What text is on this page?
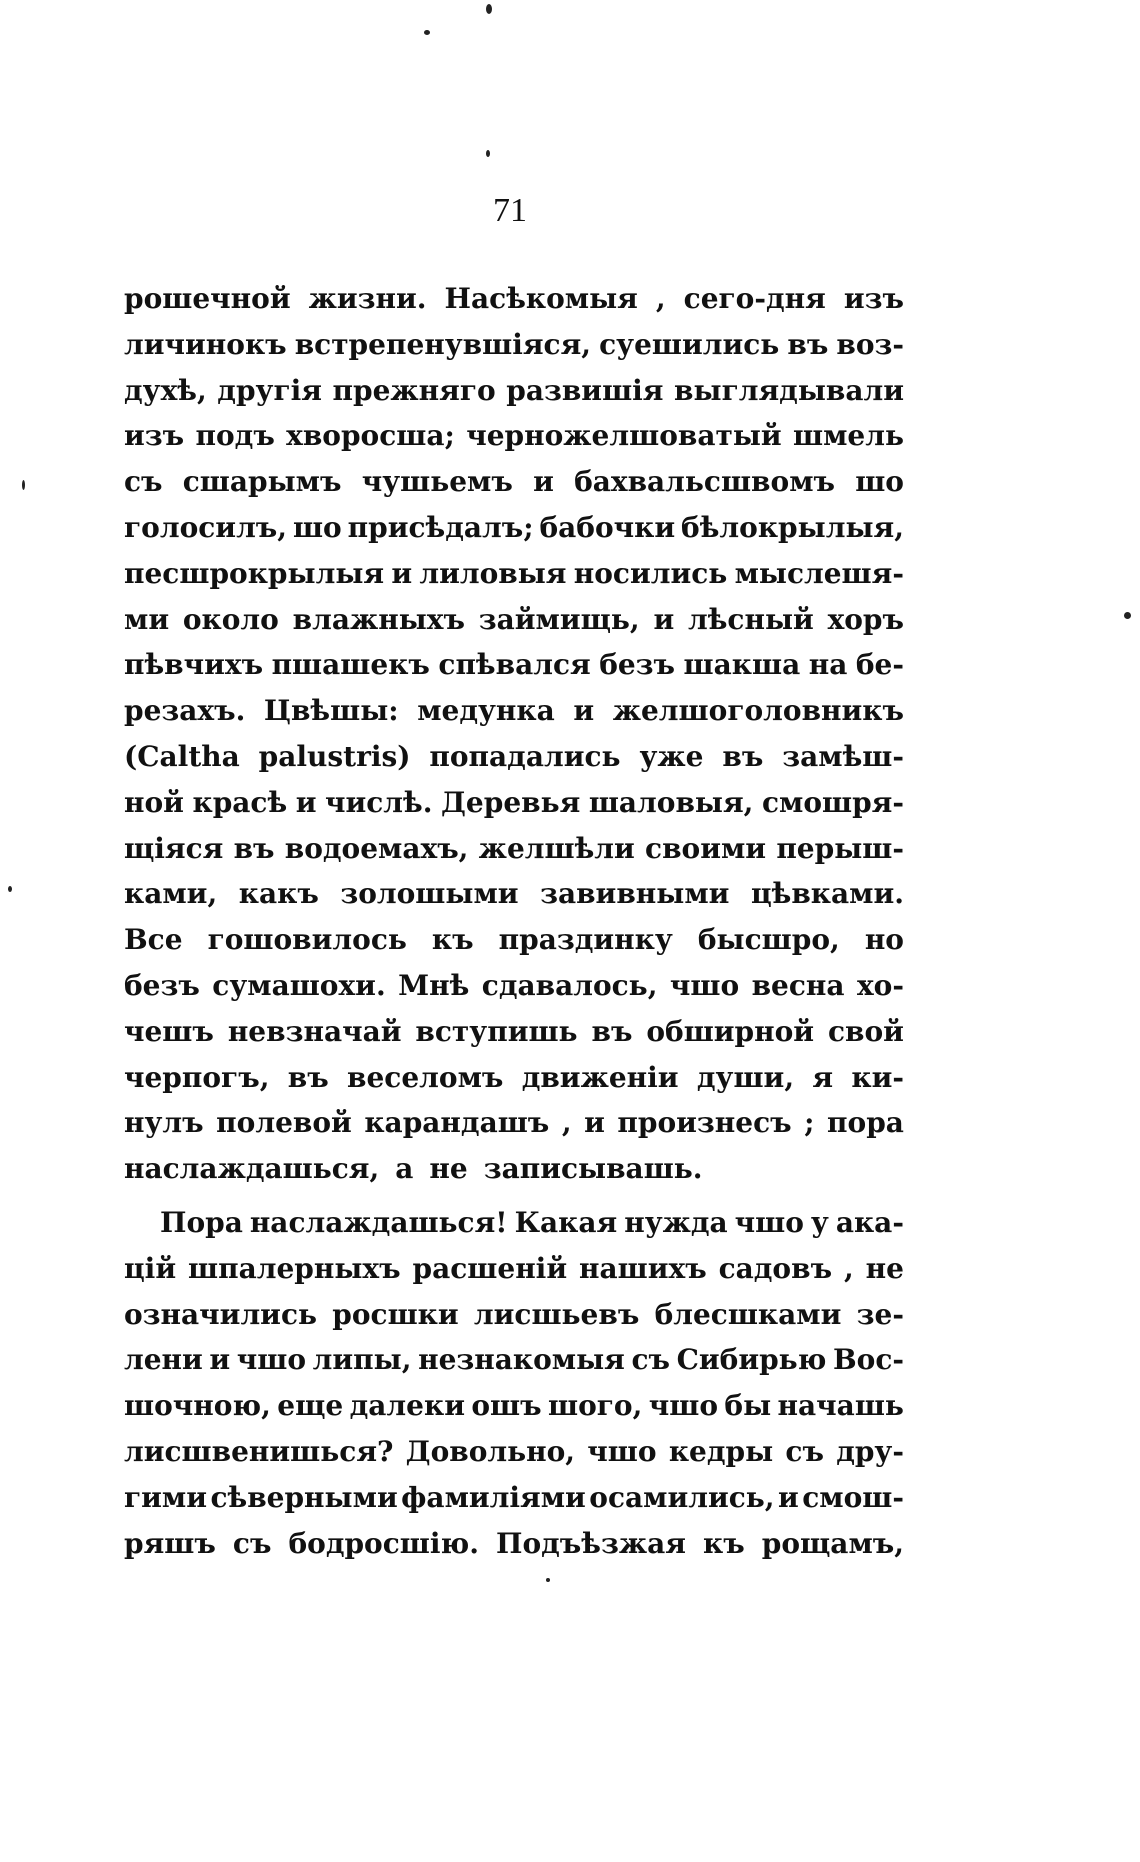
71
рошечной жизни. Насѣкомыя , сего-дня изъ
личинокъ встрепенувшіяся, суешились въ воз-
духѣ, другія прежняго развишія выглядывали
изъ подъ хворосша; черножелшоватый шмель
съ сшарымъ чушьемъ и бахвальсшвомъ шо
голосилъ, шо присѣдалъ; бабочки бѣлокрылыя,
песшрокрылыя и лиловыя носились мыслешя-
ми около влажныхъ займищь, и лѣсный хоръ
пѣвчихъ пшашекъ спѣвался безъ шакша на бе-
резахъ. Цвѣшы: медунка и желшоголовникъ
(Caltha palustris) попадались уже въ замѣш-
ной красѣ и числѣ. Деревья шаловыя, смошря-
щіяся въ водоемахъ, желшѣли своими перыш-
ками, какъ золошыми завивными цѣвками.
Все гошовилось къ праздинку бысшро, но
безъ сумашохи. Мнѣ сдавалось, чшо весна хо-
чешъ невзначай вступишь въ обширной свой
черпогъ, въ веселомъ движеніи души, я ки-
нулъ полевой карандашъ , и произнесъ ; пора
наслаждашься, а не записывашь.
Пора наслаждашься! Какая нужда чшо у ака-
цій шпалерныхъ расшеній нашихъ садовъ , не
означились росшки лисшьевъ блесшками зе-
лени и чшо липы, незнакомыя съ Сибирью Вос-
шочною, еще далеки ошъ шого, чшо бы начашь
лисшвенишься? Довольно, чшо кедры съ дру-
гими сѣверными фамиліями осамились, и смош-
ряшъ съ бодросшію. Подъѣзжая къ рощамъ,
